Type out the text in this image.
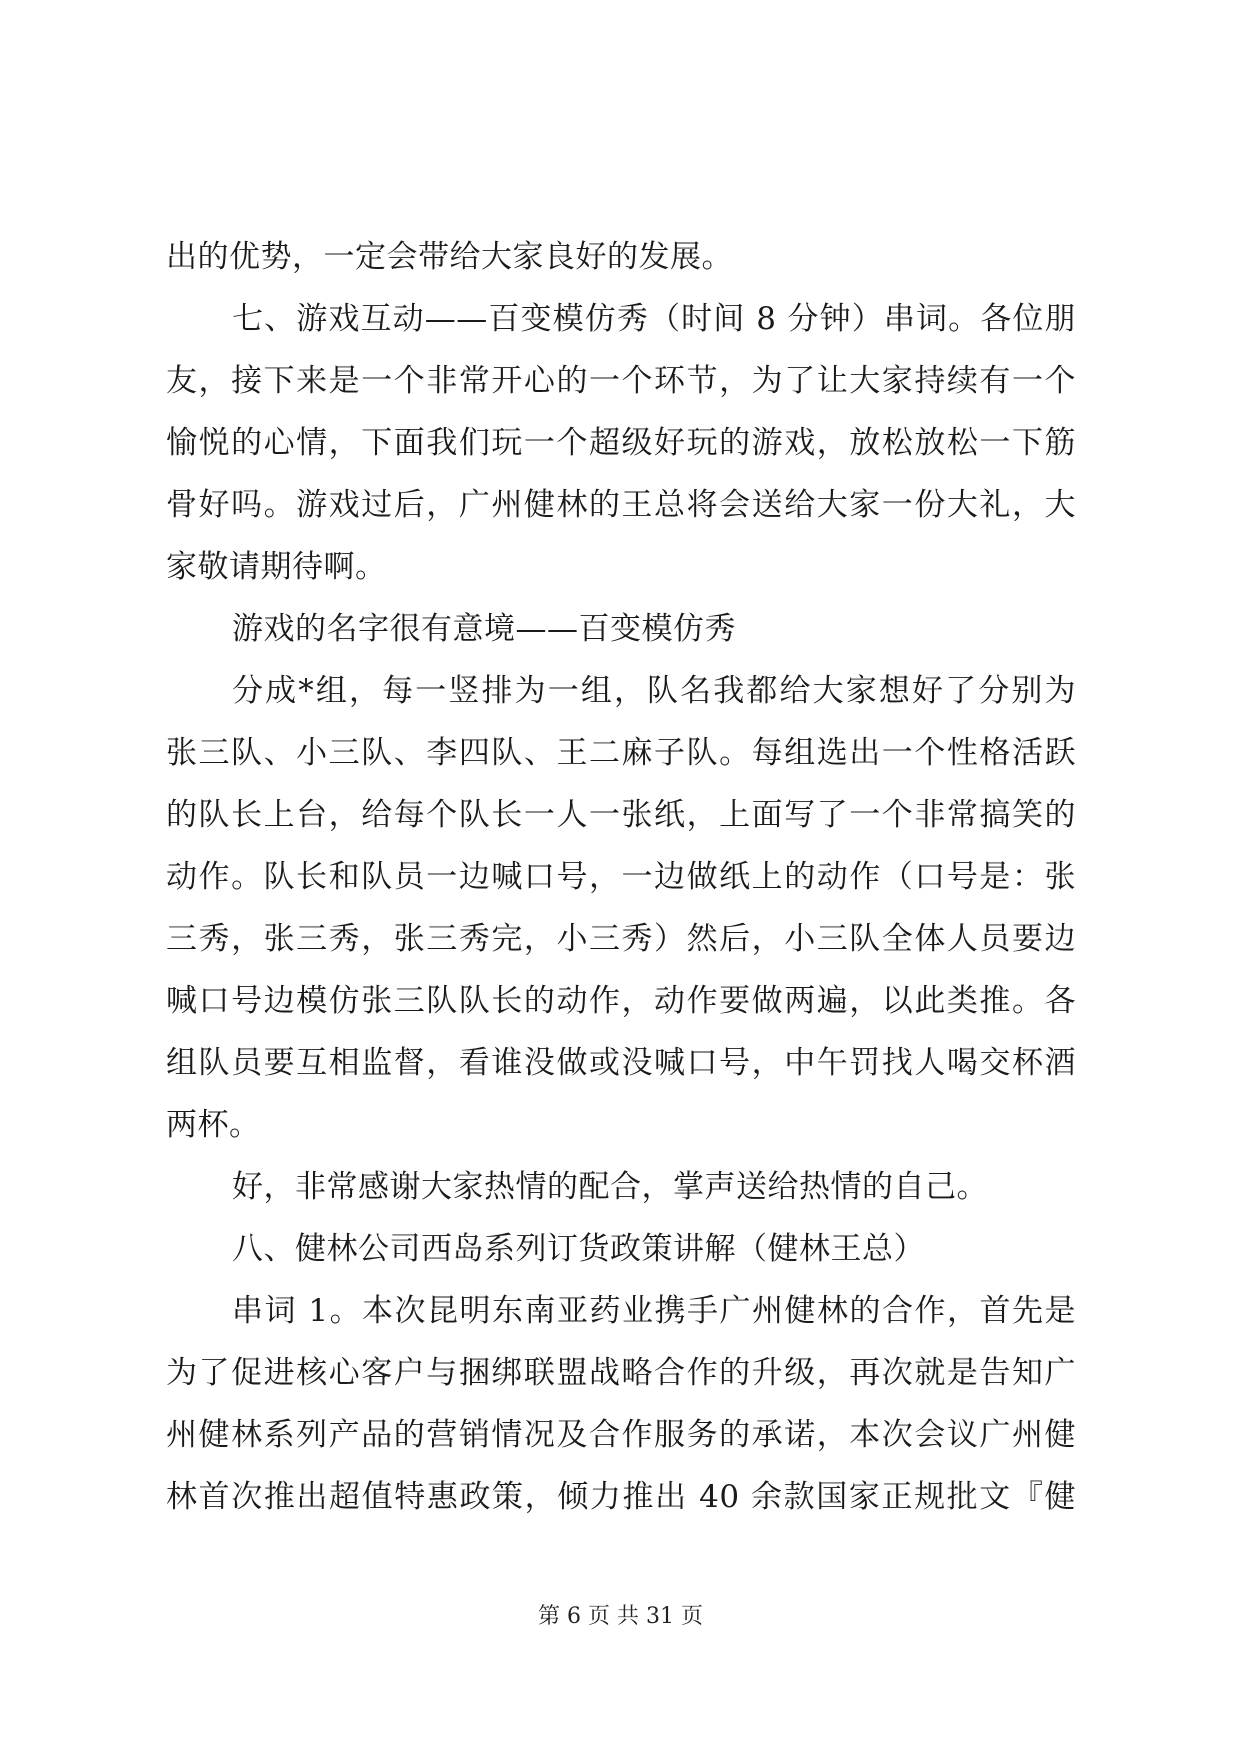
出的优势，一定会带给大家良好的发展。
七、游戏互动——百变模仿秀（时间 8 分钟）串词。各位朋
友，接下来是一个非常开心的一个环节，为了让大家持续有一个
愉悦的心情，下面我们玩一个超级好玩的游戏，放松放松一下筋
骨好吗。游戏过后，广州健林的王总将会送给大家一份大礼，大
家敬请期待啊。
游戏的名字很有意境——百变模仿秀
分成*组，每一竖排为一组，队名我都给大家想好了分别为
张三队、小三队、李四队、王二麻子队。每组选出一个性格活跃
的队长上台，给每个队长一人一张纸，上面写了一个非常搞笑的
动作。队长和队员一边喊口号，一边做纸上的动作（口号是：张
三秀，张三秀，张三秀完，小三秀）然后，小三队全体人员要边
喊口号边模仿张三队队长的动作，动作要做两遍，以此类推。各
组队员要互相监督，看谁没做或没喊口号，中午罚找人喝交杯酒
两杯。
好，非常感谢大家热情的配合，掌声送给热情的自己。
八、健林公司西岛系列订货政策讲解（健林王总）
串词 1。本次昆明东南亚药业携手广州健林的合作，首先是
为了促进核心客户与捆绑联盟战略合作的升级，再次就是告知广
州健林系列产品的营销情况及合作服务的承诺，本次会议广州健
林首次推出超值特惠政策，倾力推出 40 余款国家正规批文『健
第 6 页 共 31 页
